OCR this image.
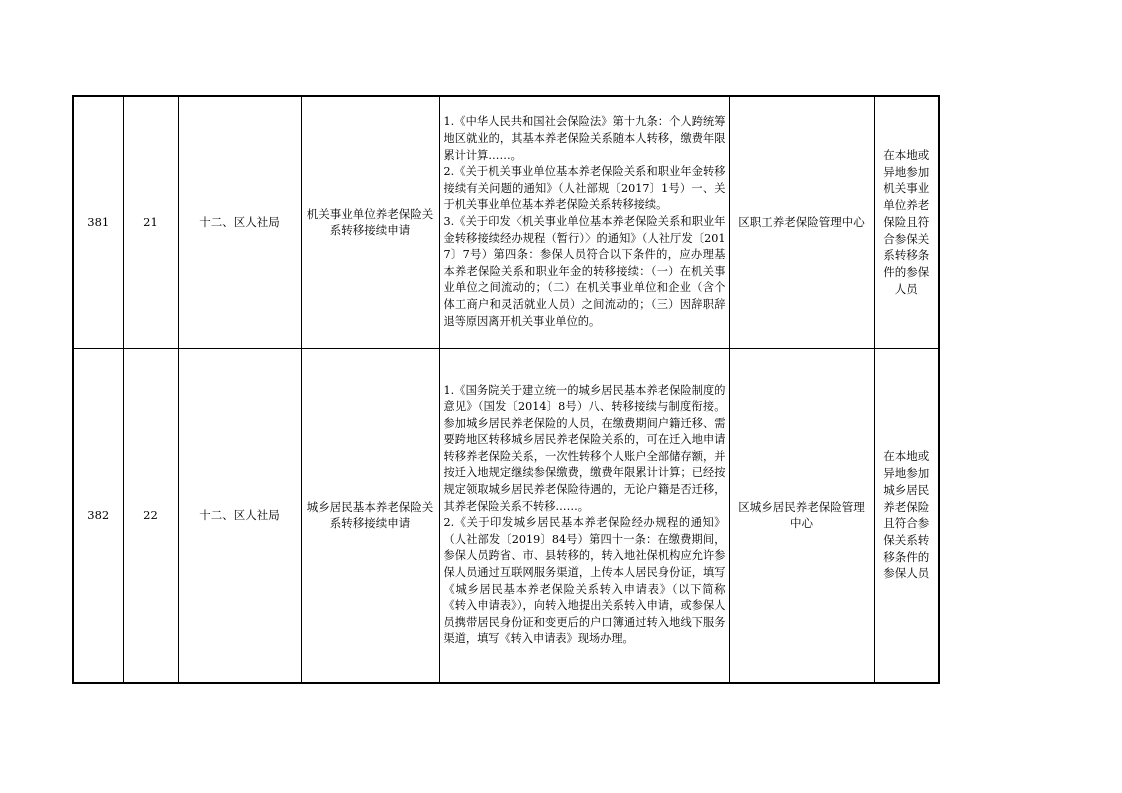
381	21	十二、区人社局	机关事业单位养老保险关系转移接续申请	1.《中华人民共和国社会保险法》第十九条：个人跨统筹地区就业的，其基本养老保险关系随本人转移，缴费年限累计计算……。
2.《关于机关事业单位基本养老保险关系和职业年金转移接续有关问题的通知》（人社部规〔2017〕1号）一、关于机关事业单位基本养老保险关系转移接续。
3.《关于印发〈机关事业单位基本养老保险关系和职业年金转移接续经办规程（暂行）〉的通知》（人社厅发〔2017〕7号）第四条：参保人员符合以下条件的，应办理基本养老保险关系和职业年金的转移接续：（一）在机关事业单位之间流动的；（二）在机关事业单位和企业（含个体工商户和灵活就业人员）之间流动的；（三）因辞职辞退等原因离开机关事业单位的。	区职工养老保险管理中心	在本地或异地参加机关事业单位养老保险且符合参保关系转移条件的参保人员
382	22	十二、区人社局	城乡居民基本养老保险关系转移接续申请	1.《国务院关于建立统一的城乡居民基本养老保险制度的意见》（国发〔2014〕8号）八、转移接续与制度衔接。参加城乡居民养老保险的人员，在缴费期间户籍迁移、需要跨地区转移城乡居民养老保险关系的，可在迁入地申请转移养老保险关系，一次性转移个人账户全部储存额，并按迁入地规定继续参保缴费，缴费年限累计计算；已经按规定领取城乡居民养老保险待遇的，无论户籍是否迁移，其养老保险关系不转移……。
2.《关于印发城乡居民基本养老保险经办规程的通知》（人社部发〔2019〕84号）第四十一条：在缴费期间，参保人员跨省、市、县转移的，转入地社保机构应允许参保人员通过互联网服务渠道，上传本人居民身份证，填写《城乡居民基本养老保险关系转入申请表》（以下简称《转入申请表》），向转入地提出关系转入申请，或参保人员携带居民身份证和变更后的户口簿通过转入地线下服务渠道，填写《转入申请表》现场办理。	区城乡居民养老保险管理中心	在本地或异地参加城乡居民养老保险且符合参保关系转移条件的参保人员
